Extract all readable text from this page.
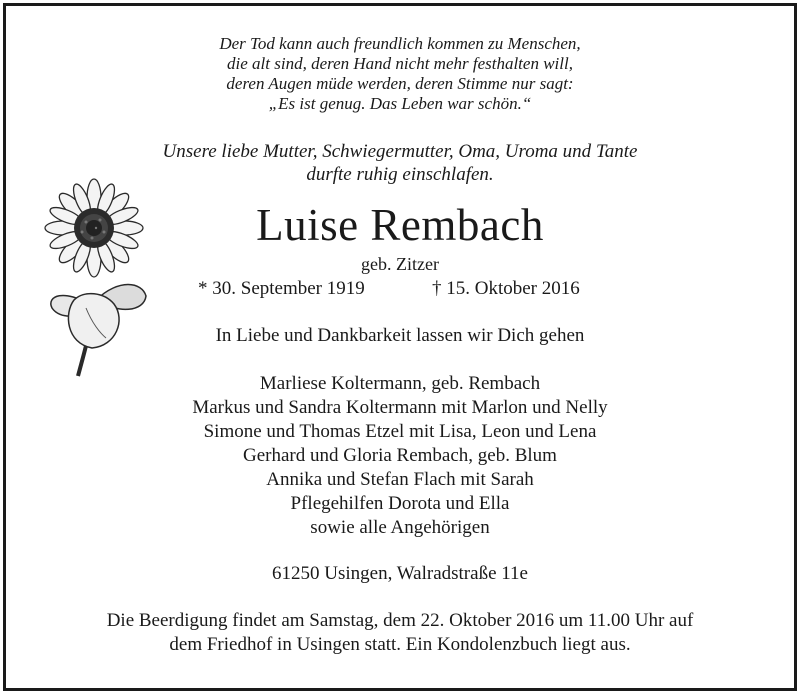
Der Tod kann auch freundlich kommen zu Menschen,
die alt sind, deren Hand nicht mehr festhalten will,
deren Augen müde werden, deren Stimme nur sagt:
„Es ist genug. Das Leben war schön.“
Unsere liebe Mutter, Schwiegermutter, Oma, Uroma und Tante
durfte ruhig einschlafen.
Luise Rembach
geb. Zitzer
* 30. September 1919	† 15. Oktober 2016
In Liebe und Dankbarkeit lassen wir Dich gehen
Marliese Koltermann, geb. Rembach
Markus und Sandra Koltermann mit Marlon und Nelly
Simone und Thomas Etzel mit Lisa, Leon und Lena
Gerhard und Gloria Rembach, geb. Blum
Annika und Stefan Flach mit Sarah
Pflegehilfen Dorota und Ella
sowie alle Angehörigen
61250 Usingen, Walradstraße 11e
Die Beerdigung findet am Samstag, dem 22. Oktober 2016 um 11.00 Uhr auf
dem Friedhof in Usingen statt. Ein Kondolenzbuch liegt aus.
